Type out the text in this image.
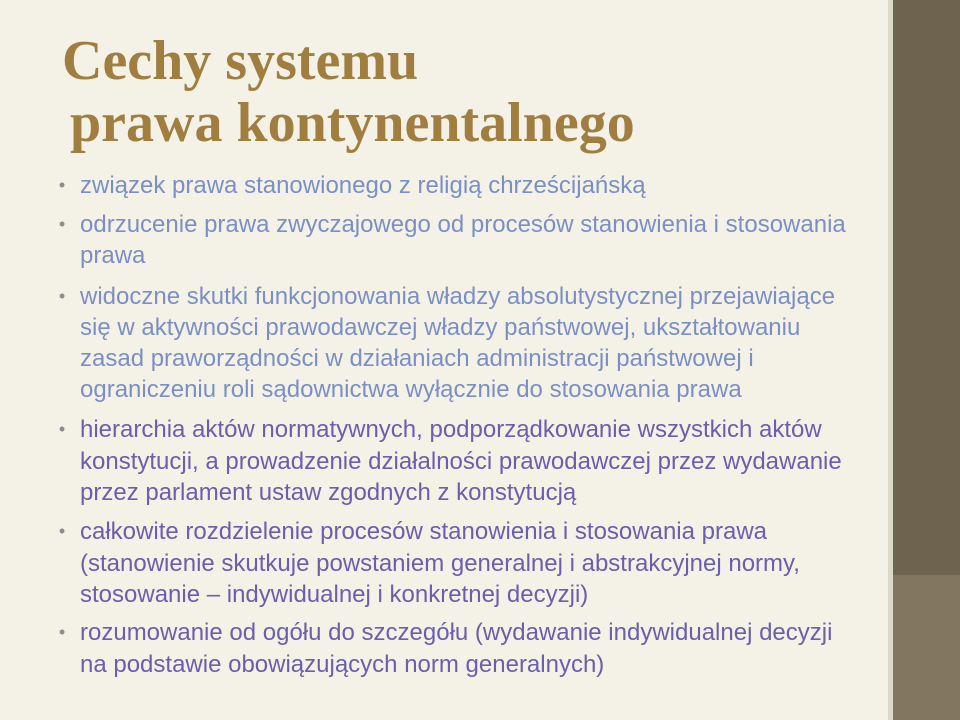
Cechy systemu
prawa kontynentalnego
• związek prawa stanowionego z religią chrześcijańską
• odrzucenie prawa zwyczajowego od procesów stanowienia i stosowania
prawa
• widoczne skutki funkcjonowania władzy absolutystycznej przejawiające
się w aktywności prawodawczej władzy państwowej, ukształtowaniu
zasad praworządności w działaniach administracji państwowej i
ograniczeniu roli sądownictwa wyłącznie do stosowania prawa
• hierarchia aktów normatywnych, podporządkowanie wszystkich aktów
konstytucji, a prowadzenie działalności prawodawczej przez wydawanie
przez parlament ustaw zgodnych z konstytucją
• całkowite rozdzielenie procesów stanowienia i stosowania prawa
(stanowienie skutkuje powstaniem generalnej i abstrakcyjnej normy,
stosowanie – indywidualnej i konkretnej decyzji)
• rozumowanie od ogółu do szczegółu (wydawanie indywidualnej decyzji
na podstawie obowiązujących norm generalnych)
